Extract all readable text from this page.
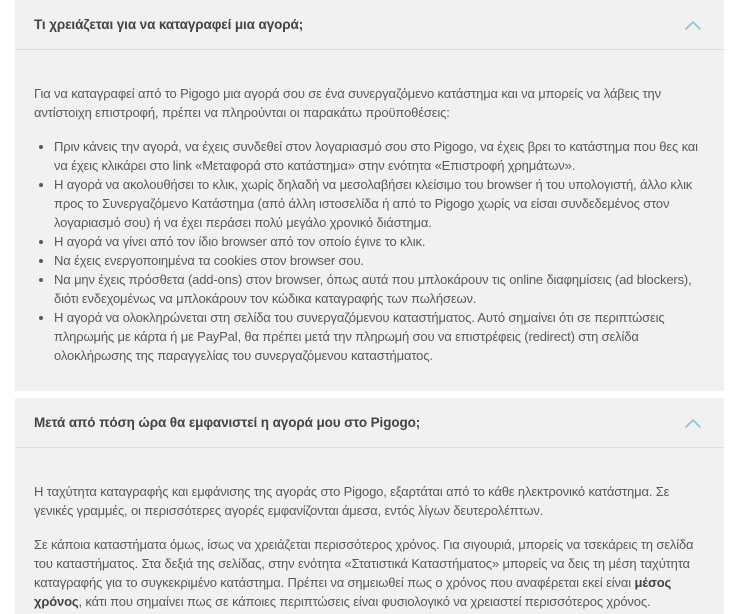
Τι χρειάζεται για να καταγραφεί μια αγορά;

Για να καταγραφεί από το Pigogo μια αγορά σου σε ένα συνεργαζόμενο κατάστημα και να μπορείς να λάβεις την αντίστοιχη επιστροφή, πρέπει να πληρούνται οι παρακάτω προϋποθέσεις:

• Πριν κάνεις την αγορά, να έχεις συνδεθεί στον λογαριασμό σου στο Pigogo, να έχεις βρει το κατάστημα που θες και να έχεις κλικάρει στο link «Μεταφορά στο κατάστημα» στην ενότητα «Επιστροφή χρημάτων».
• Η αγορά να ακολουθήσει το κλικ, χωρίς δηλαδή να μεσολαβήσει κλείσιμο του browser ή του υπολογιστή, άλλο κλικ προς το Συνεργαζόμενο Κατάστημα (από άλλη ιστοσελίδα ή από το Pigogo χωρίς να είσαι συνδεδεμένος στον λογαριασμό σου) ή να έχει περάσει πολύ μεγάλο χρονικό διάστημα.
• Η αγορά να γίνει από τον ίδιο browser από τον οποίο έγινε το κλικ.
• Να έχεις ενεργοποιημένα τα cookies στον browser σου.
• Να μην έχεις πρόσθετα (add-ons) στον browser, όπως αυτά που μπλοκάρουν τις online διαφημίσεις (ad blockers), διότι ενδεχομένως να μπλοκάρουν τον κώδικα καταγραφής των πωλήσεων.
• Η αγορά να ολοκληρώνεται στη σελίδα του συνεργαζόμενου καταστήματος. Αυτό σημαίνει ότι σε περιπτώσεις πληρωμής με κάρτα ή με PayPal, θα πρέπει μετά την πληρωμή σου να επιστρέφεις (redirect) στη σελίδα ολοκλήρωσης της παραγγελίας του συνεργαζόμενου καταστήματος.
Μετά από πόση ώρα θα εμφανιστεί η αγορά μου στο Pigogo;

Η ταχύτητα καταγραφής και εμφάνισης της αγοράς στο Pigogo, εξαρτάται από το κάθε ηλεκτρονικό κατάστημα. Σε γενικές γραμμές, οι περισσότερες αγορές εμφανίζονται άμεσα, εντός λίγων δευτερολέπτων.

Σε κάποια καταστήματα όμως, ίσως να χρειάζεται περισσότερος χρόνος. Για σιγουριά, μπορείς να τσεκάρεις τη σελίδα του καταστήματος. Στα δεξιά της σελίδας, στην ενότητα «Στατιστικά Καταστήματος» μπορείς να δεις τη μέση ταχύτητα καταγραφής για το συγκεκριμένο κατάστημα. Πρέπει να σημειωθεί πως ο χρόνος που αναφέρεται εκεί είναι μέσος χρόνος, κάτι που σημαίνει πως σε κάποιες περιπτώσεις είναι φυσιολογικό να χρειαστεί περισσότερος χρόνος.
